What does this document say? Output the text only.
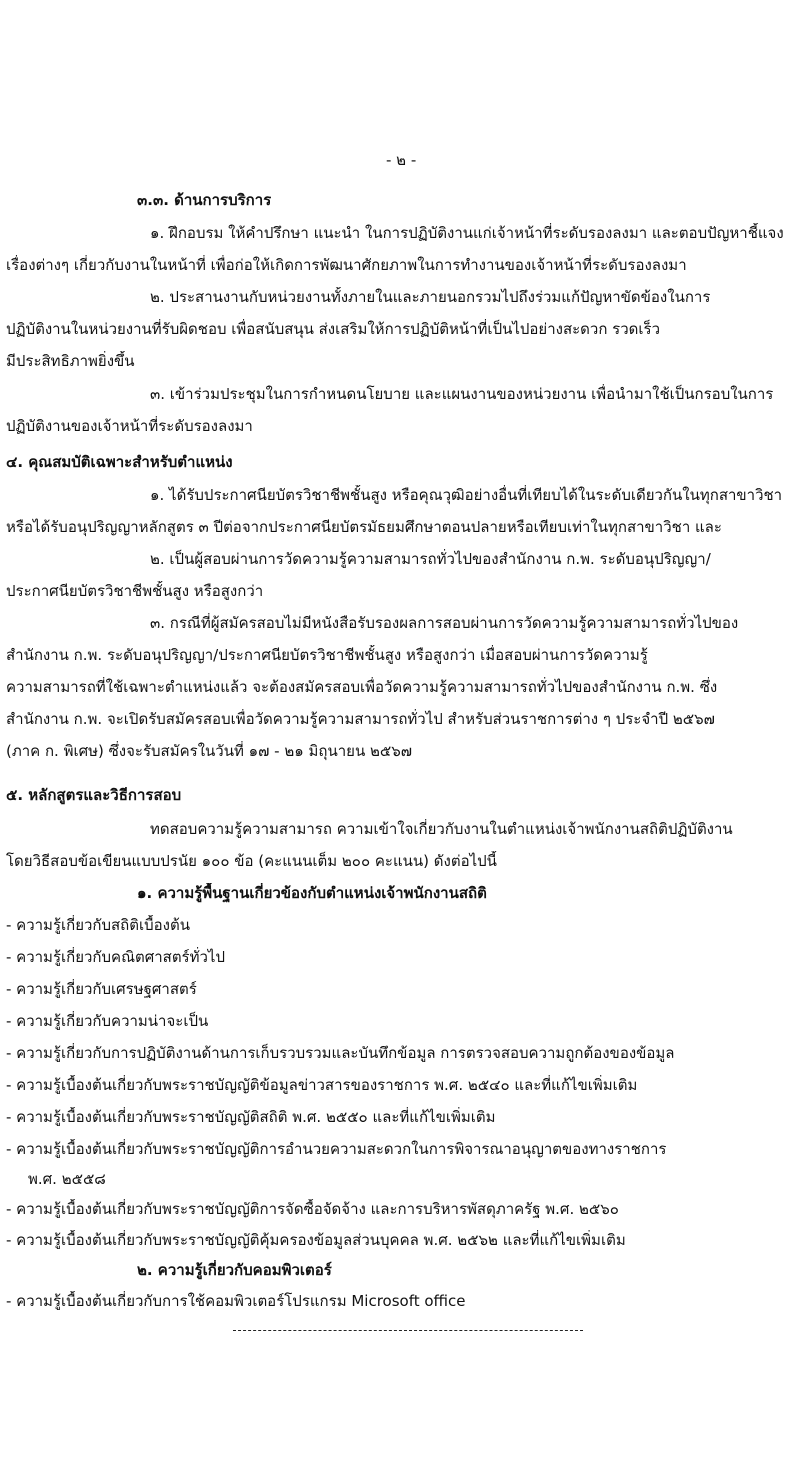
- ๒ -
๓.๓. ด้านการบริการ
๑. ฝึกอบรม ให้คำปรึกษา แนะนำ ในการปฏิบัติงานแก่เจ้าหน้าที่ระดับรองลงมา และตอบปัญหาชี้แจง
เรื่องต่างๆ เกี่ยวกับงานในหน้าที่ เพื่อก่อให้เกิดการพัฒนาศักยภาพในการทำงานของเจ้าหน้าที่ระดับรองลงมา
๒. ประสานงานกับหน่วยงานทั้งภายในและภายนอกรวมไปถึงร่วมแก้ปัญหาขัดข้องในการ
ปฏิบัติงานในหน่วยงานที่รับผิดชอบ เพื่อสนับสนุน ส่งเสริมให้การปฏิบัติหน้าที่เป็นไปอย่างสะดวก รวดเร็ว
มีประสิทธิภาพยิ่งขึ้น
๓. เข้าร่วมประชุมในการกำหนดนโยบาย และแผนงานของหน่วยงาน เพื่อนำมาใช้เป็นกรอบในการ
ปฏิบัติงานของเจ้าหน้าที่ระดับรองลงมา
๔. คุณสมบัติเฉพาะสำหรับตำแหน่ง
๑. ได้รับประกาศนียบัตรวิชาชีพชั้นสูง หรือคุณวุฒิอย่างอื่นที่เทียบได้ในระดับเดียวกันในทุกสาขาวิชา
หรือได้รับอนุปริญญาหลักสูตร ๓ ปีต่อจากประกาศนียบัตรมัธยมศึกษาตอนปลายหรือเทียบเท่าในทุกสาขาวิชา และ
๒. เป็นผู้สอบผ่านการวัดความรู้ความสามารถทั่วไปของสำนักงาน ก.พ. ระดับอนุปริญญา/
ประกาศนียบัตรวิชาชีพชั้นสูง หรือสูงกว่า
๓. กรณีที่ผู้สมัครสอบไม่มีหนังสือรับรองผลการสอบผ่านการวัดความรู้ความสามารถทั่วไปของ
สำนักงาน ก.พ. ระดับอนุปริญญา/ประกาศนียบัตรวิชาชีพชั้นสูง หรือสูงกว่า เมื่อสอบผ่านการวัดความรู้
ความสามารถที่ใช้เฉพาะตำแหน่งแล้ว จะต้องสมัครสอบเพื่อวัดความรู้ความสามารถทั่วไปของสำนักงาน ก.พ. ซึ่ง
สำนักงาน ก.พ. จะเปิดรับสมัครสอบเพื่อวัดความรู้ความสามารถทั่วไป สำหรับส่วนราชการต่าง ๆ ประจำปี ๒๕๖๗
(ภาค ก. พิเศษ) ซึ่งจะรับสมัครในวันที่ ๑๗ - ๒๑ มิถุนายน ๒๕๖๗
๕. หลักสูตรและวิธีการสอบ
ทดสอบความรู้ความสามารถ ความเข้าใจเกี่ยวกับงานในตำแหน่งเจ้าพนักงานสถิติปฏิบัติงาน
โดยวิธีสอบข้อเขียนแบบปรนัย ๑๐๐ ข้อ (คะแนนเต็ม ๒๐๐ คะแนน) ดังต่อไปนี้
๑. ความรู้พื้นฐานเกี่ยวข้องกับตำแหน่งเจ้าพนักงานสถิติ
- ความรู้เกี่ยวกับสถิติเบื้องต้น
- ความรู้เกี่ยวกับคณิตศาสตร์ทั่วไป
- ความรู้เกี่ยวกับเศรษฐศาสตร์
- ความรู้เกี่ยวกับความน่าจะเป็น
- ความรู้เกี่ยวกับการปฏิบัติงานด้านการเก็บรวบรวมและบันทึกข้อมูล การตรวจสอบความถูกต้องของข้อมูล
- ความรู้เบื้องต้นเกี่ยวกับพระราชบัญญัติข้อมูลข่าวสารของราชการ พ.ศ. ๒๕๔๐ และที่แก้ไขเพิ่มเติม
- ความรู้เบื้องต้นเกี่ยวกับพระราชบัญญัติสถิติ พ.ศ. ๒๕๕๐ และที่แก้ไขเพิ่มเติม
- ความรู้เบื้องต้นเกี่ยวกับพระราชบัญญัติการอำนวยความสะดวกในการพิจารณาอนุญาตของทางราชการ
พ.ศ. ๒๕๕๘
- ความรู้เบื้องต้นเกี่ยวกับพระราชบัญญัติการจัดซื้อจัดจ้าง และการบริหารพัสดุภาครัฐ พ.ศ. ๒๕๖๐
- ความรู้เบื้องต้นเกี่ยวกับพระราชบัญญัติคุ้มครองข้อมูลส่วนบุคคล พ.ศ. ๒๕๖๒ และที่แก้ไขเพิ่มเติม
๒. ความรู้เกี่ยวกับคอมพิวเตอร์
- ความรู้เบื้องต้นเกี่ยวกับการใช้คอมพิวเตอร์โปรแกรม Microsoft office
